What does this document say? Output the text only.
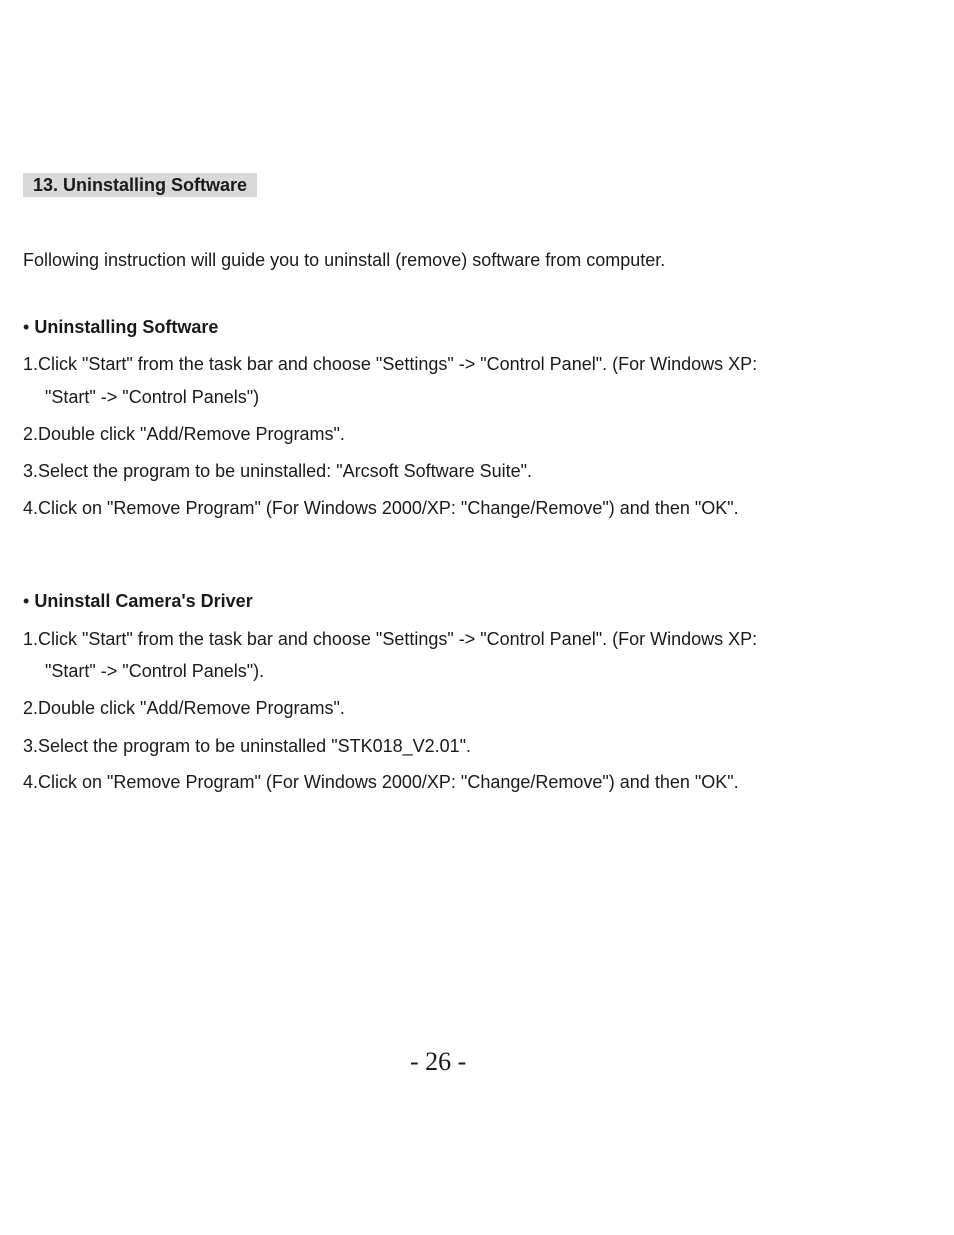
13. Uninstalling Software
Following instruction will guide you to uninstall (remove) software from computer.
• Uninstalling Software
1.Click "Start" from the task bar and choose "Settings" -> "Control Panel". (For Windows XP:
"Start" -> "Control Panels")
2.Double click "Add/Remove Programs".
3.Select the program to be uninstalled: "Arcsoft Software Suite".
4.Click on "Remove Program" (For Windows 2000/XP: "Change/Remove") and then "OK".
• Uninstall Camera's Driver
1.Click "Start" from the task bar and choose "Settings" -> "Control Panel". (For Windows XP:
"Start" -> "Control Panels").
2.Double click "Add/Remove Programs".
3.Select the program to be uninstalled "STK018_V2.01".
4.Click on "Remove Program" (For Windows 2000/XP: "Change/Remove") and then "OK".
- 26 -
